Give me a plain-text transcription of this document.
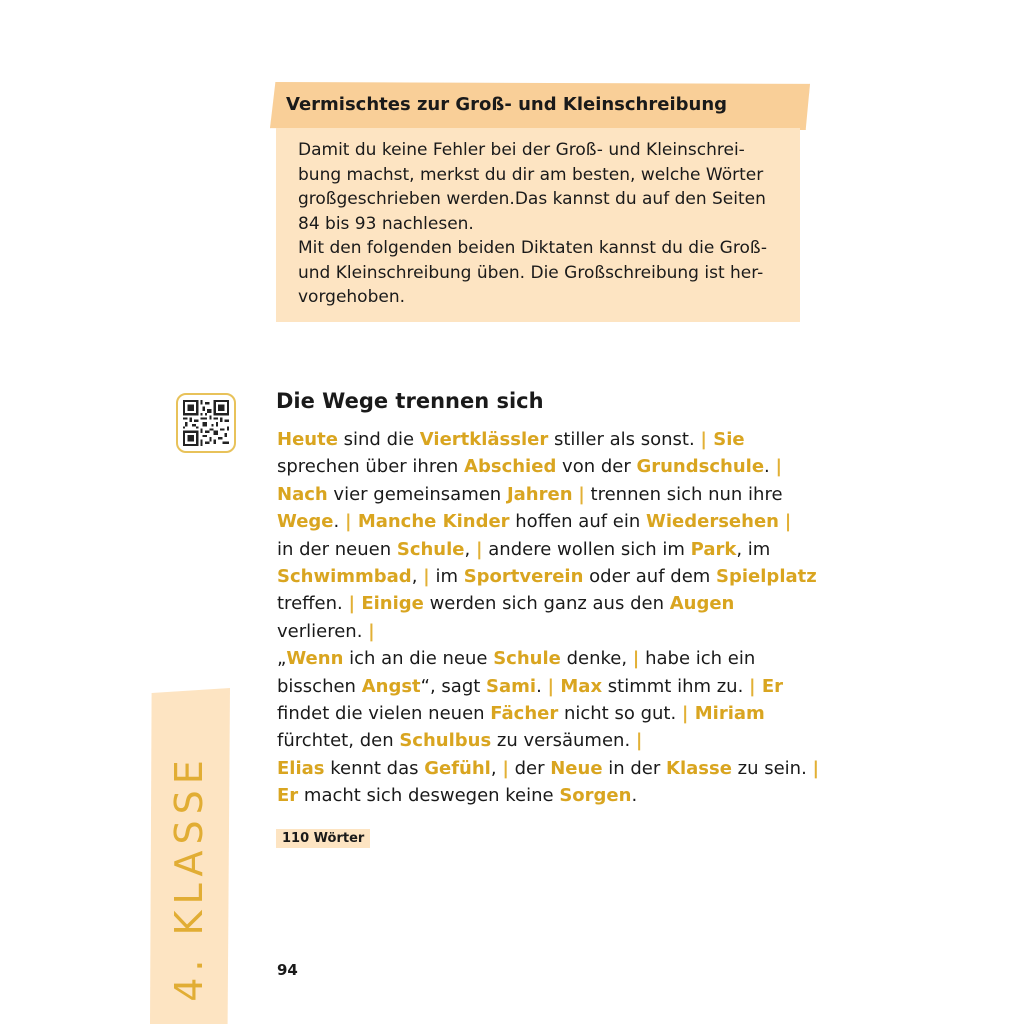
Vermischtes zur Groß- und Kleinschreibung

Damit du keine Fehler bei der Groß- und Kleinschrei-
bung machst, merkst du dir am besten, welche Wörter
großgeschrieben werden.Das kannst du auf den Seiten
84 bis 93 nachlesen.

Mit den folgenden beiden Diktaten kannst du die Groß-
und Kleinschreibung üben. Die Großschreibung ist her-
vorgehoben.

Die Wege trennen sich
Heute sind die Viertklässler stiller als sonst. | Sie
sprechen über ihren Abschied von der Grundschule. |
Nach vier gemeinsamen Jahren | trennen sich nun ihre
Wege. | Manche Kinder hoffen auf ein Wiedersehen |
in der neuen Schule, | andere wollen sich im Park, im
Schwimmbad, | im Sportverein oder auf dem Spielplatz
treffen. | Einige werden sich ganz aus den Augen
verlieren. |
„Wenn ich an die neue Schule denke, | habe ich ein
bisschen Angst“, sagt Sami. | Max stimmt ihm zu. | Er
findet die vielen neuen Fächer nicht so gut. | Miriam
fürchtet, den Schulbus zu versäumen. |
Elias kennt das Gefühl, | der Neue in der Klasse zu sein. |
Er macht sich deswegen keine Sorgen.
110 Wörter
94
4. KLASSE
